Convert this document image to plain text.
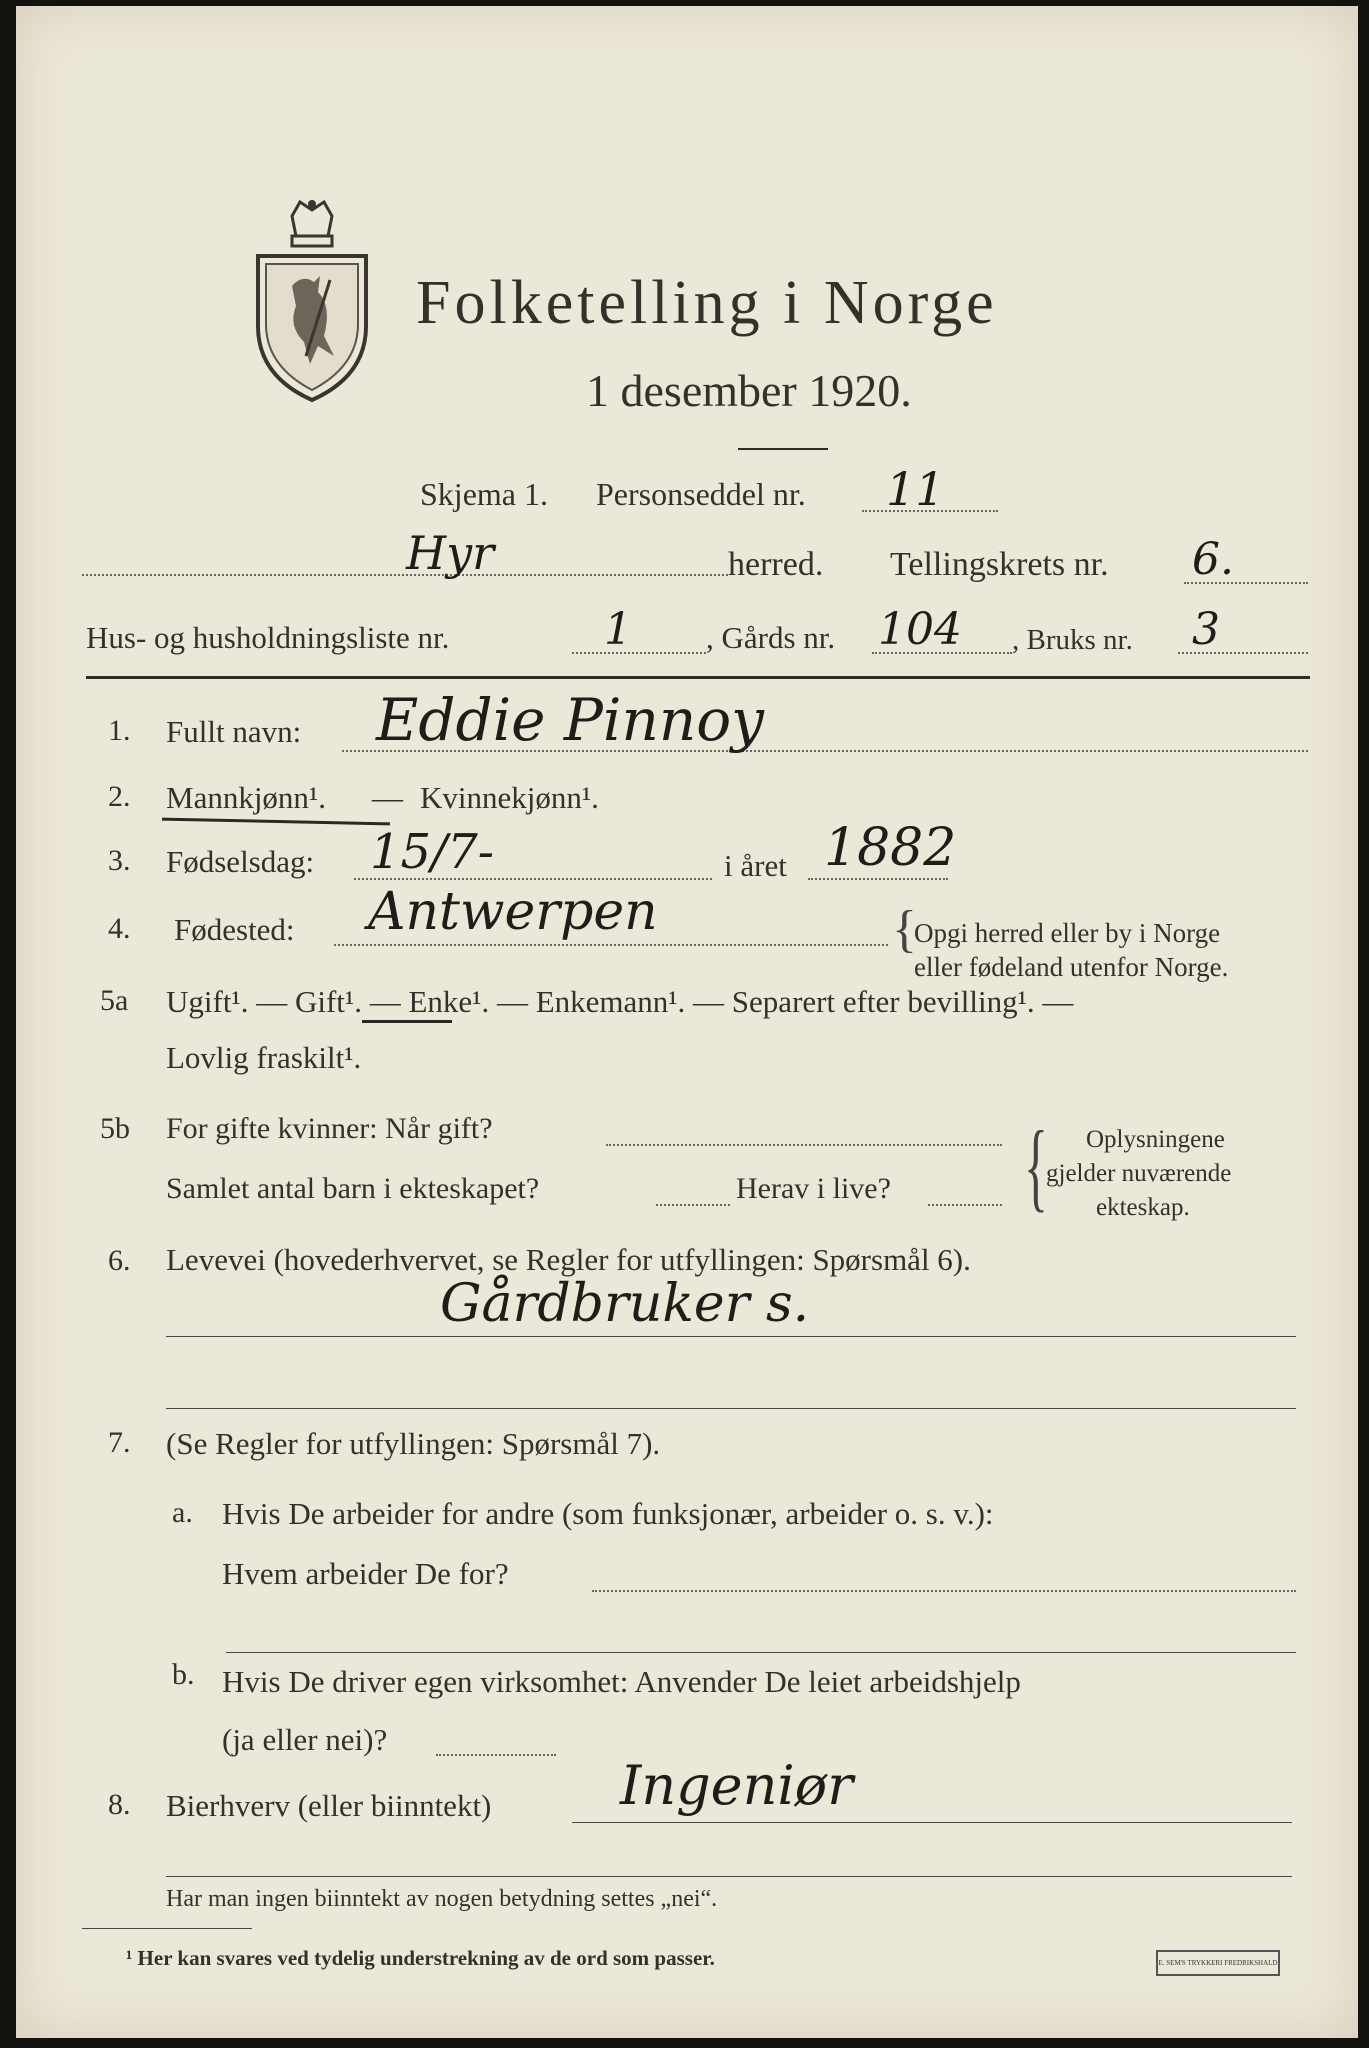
Folketelling i Norge
1 desember 1920.
Skjema 1. Personseddel nr. 11
Hyr	herred. Tellingskrets nr. 6.
Hus- og husholdningsliste nr.	1 , Gårds nr. 104 , Bruks nr. 3
1. Fullt navn: Eddie Pinnoy
2. Mannkjønn¹. — Kvinnekjønn¹.
3. Fødselsdag: 15/7-	i året 1882
4. Fødested: Antwerpen	{
Opgi herred eller by i Norge
eller fødeland utenfor Norge.
5a Ugift¹. — Gift¹. — Enke¹. — Enkemann¹. — Separert efter bevilling¹. —
Lovlig fraskilt¹.
5b For gifte kvinner: Når gift?
Samlet antal barn i ekteskapet?	Herav i live? { Oplysningene
gjelder nuværende
ekteskap.
6. Levevei (hovederhvervet, se Regler for utfyllingen: Spørsmål 6).
Gårdbruker s.
7. (Se Regler for utfyllingen: Spørsmål 7).
a. Hvis De arbeider for andre (som funksjonær, arbeider o. s. v.):
Hvem arbeider De for?
b. Hvis De driver egen virksomhet: Anvender De leiet arbeidshjelp
(ja eller nei)?
8. Bierhverv (eller biinntekt) Ingeniør
Har man ingen biinntekt av nogen betydning settes „nei“.
¹ Her kan svares ved tydelig understrekning av de ord som passer.	E. SEM'S TRYKKERI FREDRIKSHALD
